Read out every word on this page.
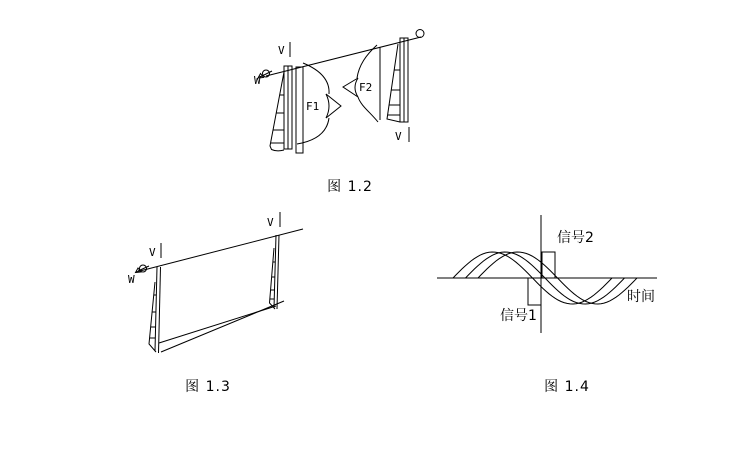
W
V
F1
F2
V
图 1.2
W
V
V
图 1.3
信号2
时间
信号1
图 1.4
